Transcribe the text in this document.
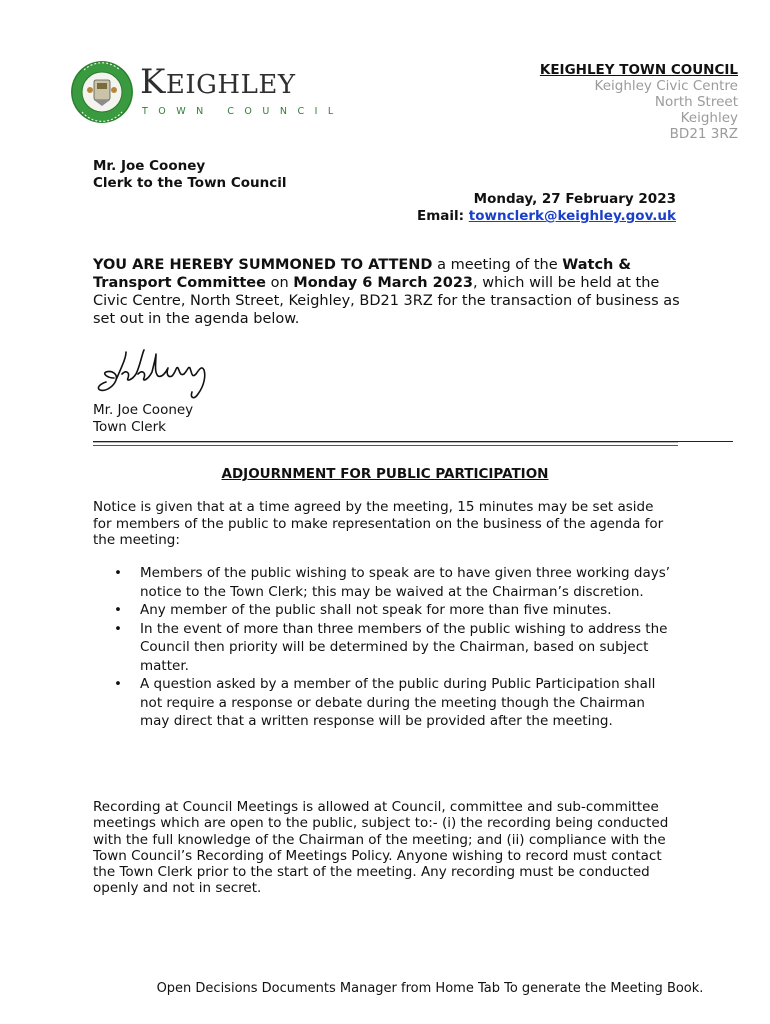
KEIGHLEY
TOWN COUNCIL
KEIGHLEY TOWN COUNCIL
Keighley Civic Centre
North Street
Keighley
BD21 3RZ
Mr. Joe Cooney
Clerk to the Town Council
Monday, 27 February 2023
Email: townclerk@keighley.gov.uk
YOU ARE HEREBY SUMMONED TO ATTEND a meeting of the Watch & Transport Committee on Monday 6 March 2023, which will be held at the Civic Centre, North Street, Keighley, BD21 3RZ for the transaction of business as set out in the agenda below.
Mr. Joe Cooney
Town Clerk
ADJOURNMENT FOR PUBLIC PARTICIPATION
Notice is given that at a time agreed by the meeting, 15 minutes may be set aside for members of the public to make representation on the business of the agenda for the meeting:
• Members of the public wishing to speak are to have given three working days’ notice to the Town Clerk; this may be waived at the Chairman’s discretion.
• Any member of the public shall not speak for more than five minutes.
• In the event of more than three members of the public wishing to address the Council then priority will be determined by the Chairman, based on subject matter.
• A question asked by a member of the public during Public Participation shall not require a response or debate during the meeting though the Chairman may direct that a written response will be provided after the meeting.
Recording at Council Meetings is allowed at Council, committee and sub-committee meetings which are open to the public, subject to:- (i) the recording being conducted with the full knowledge of the Chairman of the meeting; and (ii) compliance with the Town Council’s Recording of Meetings Policy. Anyone wishing to record must contact the Town Clerk prior to the start of the meeting. Any recording must be conducted openly and not in secret.
Open Decisions Documents Manager from Home Tab To generate the Meeting Book.
